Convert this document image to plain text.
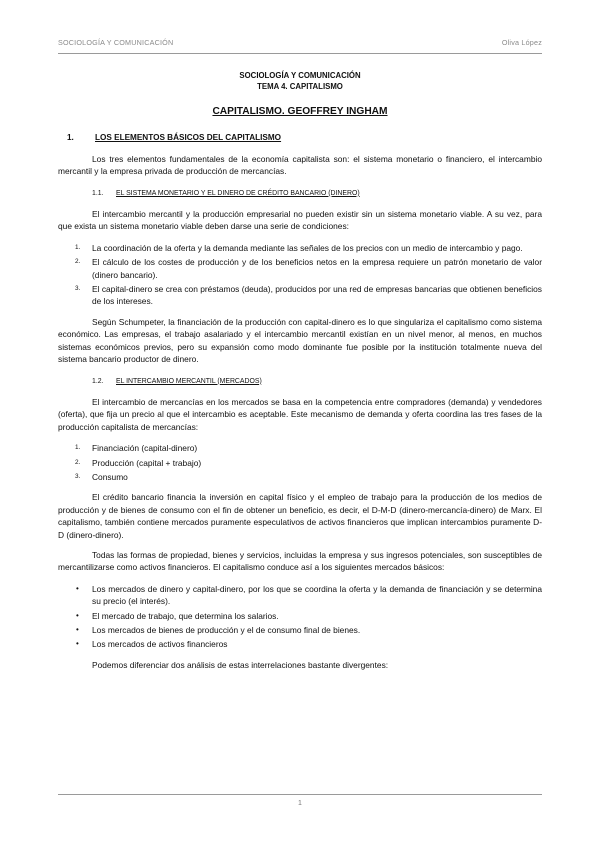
SOCIOLOGÍA Y COMUNICACIÓN	Oliva López
SOCIOLOGÍA Y COMUNICACIÓN
TEMA 4. CAPITALISMO
CAPITALISMO. GEOFFREY INGHAM
1.	LOS ELEMENTOS BÁSICOS DEL CAPITALISMO
Los tres elementos fundamentales de la economía capitalista son: el sistema monetario o financiero, el intercambio mercantil y la empresa privada de producción de mercancías.
1.1. EL SISTEMA MONETARIO Y EL DINERO DE CRÉDITO BANCARIO (DINERO)
El intercambio mercantil y la producción empresarial no pueden existir sin un sistema monetario viable. A su vez, para que exista un sistema monetario viable deben darse una serie de condiciones:
1. La coordinación de la oferta y la demanda mediante las señales de los precios con un medio de intercambio y pago.
2. El cálculo de los costes de producción y de los beneficios netos en la empresa requiere un patrón monetario de valor (dinero bancario).
3. El capital-dinero se crea con préstamos (deuda), producidos por una red de empresas bancarias que obtienen beneficios de los intereses.
Según Schumpeter, la financiación de la producción con capital-dinero es lo que singulariza el capitalismo como sistema económico. Las empresas, el trabajo asalariado y el intercambio mercantil existían en un nivel menor, al menos, en muchos sistemas económicos previos, pero su expansión como modo dominante fue posible por la institución totalmente nueva del sistema bancario productor de dinero.
1.2. EL INTERCAMBIO MERCANTIL (MERCADOS)
El intercambio de mercancías en los mercados se basa en la competencia entre compradores (demanda) y vendedores (oferta), que fija un precio al que el intercambio es aceptable. Este mecanismo de demanda y oferta coordina las tres fases de la producción capitalista de mercancías:
1. Financiación (capital-dinero)
2. Producción (capital + trabajo)
3. Consumo
El crédito bancario financia la inversión en capital físico y el empleo de trabajo para la producción de los medios de producción y de bienes de consumo con el fin de obtener un beneficio, es decir, el D-M-D (dinero-mercancía-dinero) de Marx. El capitalismo, también contiene mercados puramente especulativos de activos financieros que implican intercambios puramente D-D (dinero-dinero).
Todas las formas de propiedad, bienes y servicios, incluidas la empresa y sus ingresos potenciales, son susceptibles de mercantilizarse como activos financieros. El capitalismo conduce así a los siguientes mercados básicos:
• Los mercados de dinero y capital-dinero, por los que se coordina la oferta y la demanda de financiación y se determina su precio (el interés).
• El mercado de trabajo, que determina los salarios.
• Los mercados de bienes de producción y el de consumo final de bienes.
• Los mercados de activos financieros
Podemos diferenciar dos análisis de estas interrelaciones bastante divergentes:
1
